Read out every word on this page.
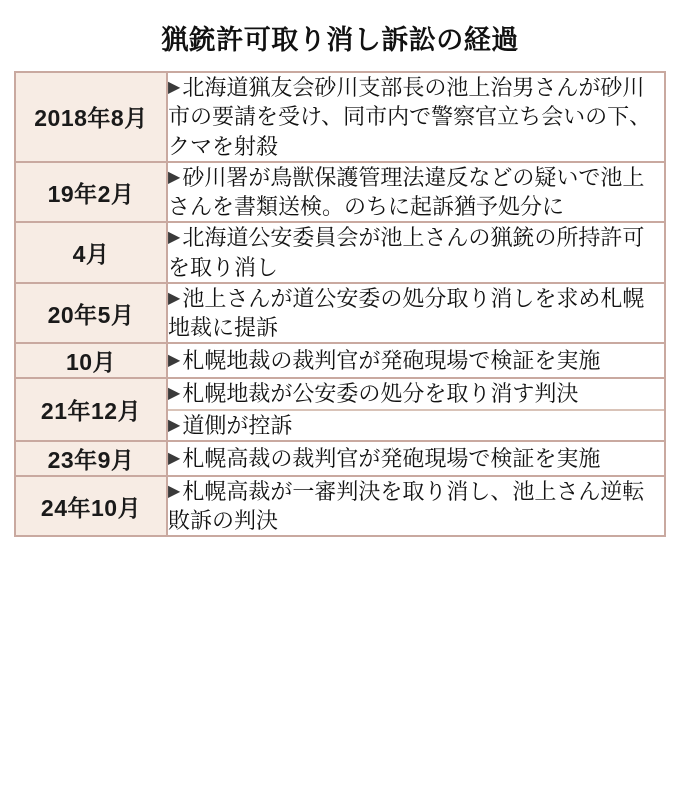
猟銃許可取り消し訴訟の経過
2018年8月	▶北海道猟友会砂川支部長の池上治男さんが砂川市の要請を受け、同市内で警察官立ち会いの下、クマを射殺
19年2月	▶砂川署が鳥獣保護管理法違反などの疑いで池上さんを書類送検。のちに起訴猶予処分に
4月	▶北海道公安委員会が池上さんの猟銃の所持許可を取り消し
20年5月	▶池上さんが道公安委の処分取り消しを求め札幌地裁に提訴
10月	▶札幌地裁の裁判官が発砲現場で検証を実施
21年12月	▶札幌地裁が公安委の処分を取り消す判決
	▶道側が控訴
23年9月	▶札幌高裁の裁判官が発砲現場で検証を実施
24年10月	▶札幌高裁が一審判決を取り消し、池上さん逆転敗訴の判決
